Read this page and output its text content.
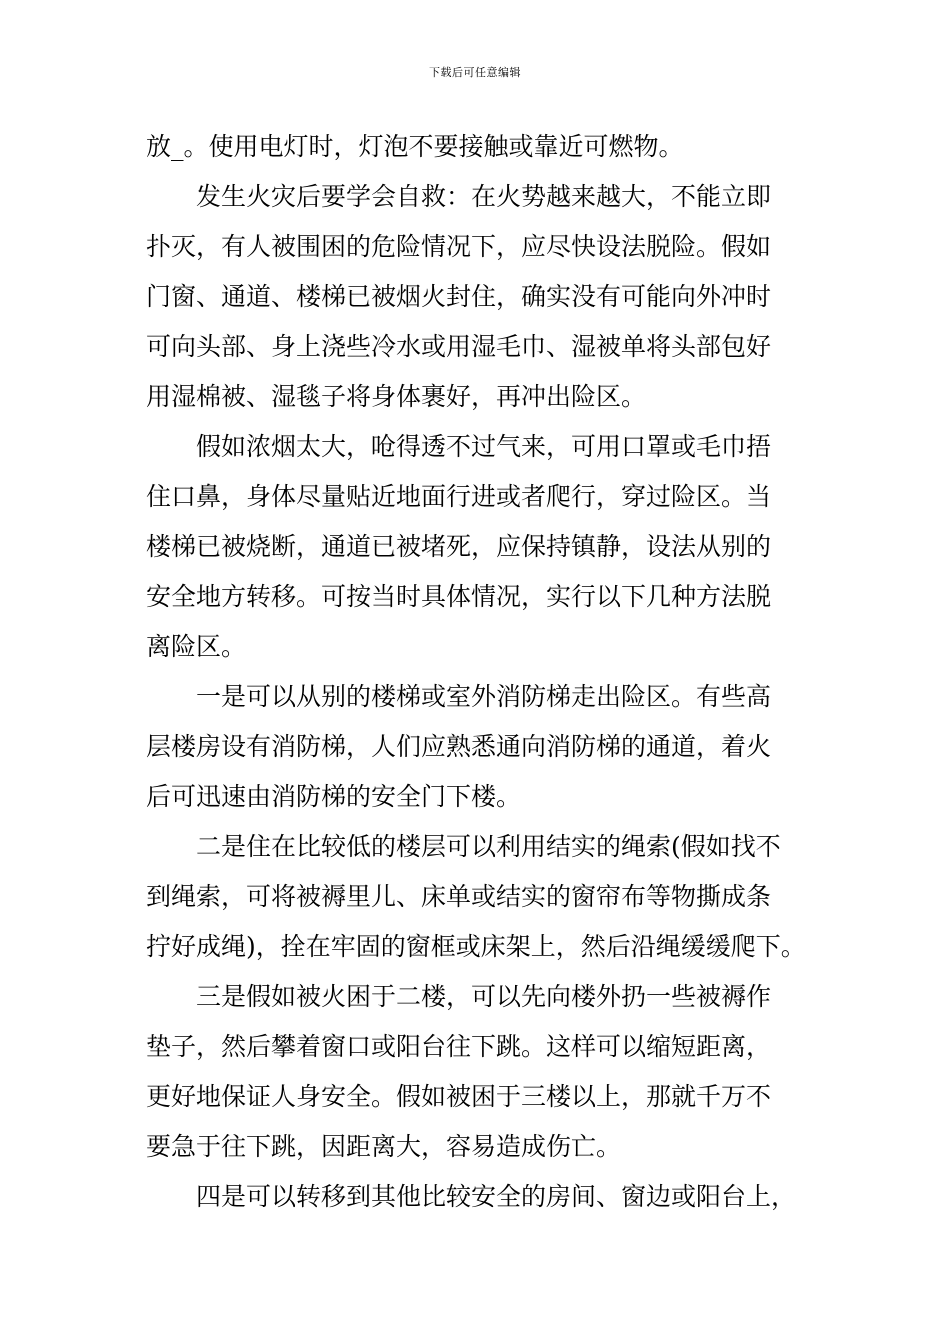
下载后可任意编辑
放_。使用电灯时，灯泡不要接触或靠近可燃物。
发生火灾后要学会自救：在火势越来越大，不能立即
扑灭，有人被围困的危险情况下，应尽快设法脱险。假如
门窗、通道、楼梯已被烟火封住，确实没有可能向外冲时
可向头部、身上浇些冷水或用湿毛巾、湿被单将头部包好
用湿棉被、湿毯子将身体裹好，再冲出险区。
假如浓烟太大，呛得透不过气来，可用口罩或毛巾捂
住口鼻，身体尽量贴近地面行进或者爬行，穿过险区。当
楼梯已被烧断，通道已被堵死，应保持镇静，设法从别的
安全地方转移。可按当时具体情况，实行以下几种方法脱
离险区。
一是可以从别的楼梯或室外消防梯走出险区。有些高
层楼房设有消防梯，人们应熟悉通向消防梯的通道，着火
后可迅速由消防梯的安全门下楼。
二是住在比较低的楼层可以利用结实的绳索(假如找不
到绳索，可将被褥里儿、床单或结实的窗帘布等物撕成条
拧好成绳)，拴在牢固的窗框或床架上，然后沿绳缓缓爬下。
三是假如被火困于二楼，可以先向楼外扔一些被褥作
垫子，然后攀着窗口或阳台往下跳。这样可以缩短距离，
更好地保证人身安全。假如被困于三楼以上，那就千万不
要急于往下跳，因距离大，容易造成伤亡。
四是可以转移到其他比较安全的房间、窗边或阳台上，
